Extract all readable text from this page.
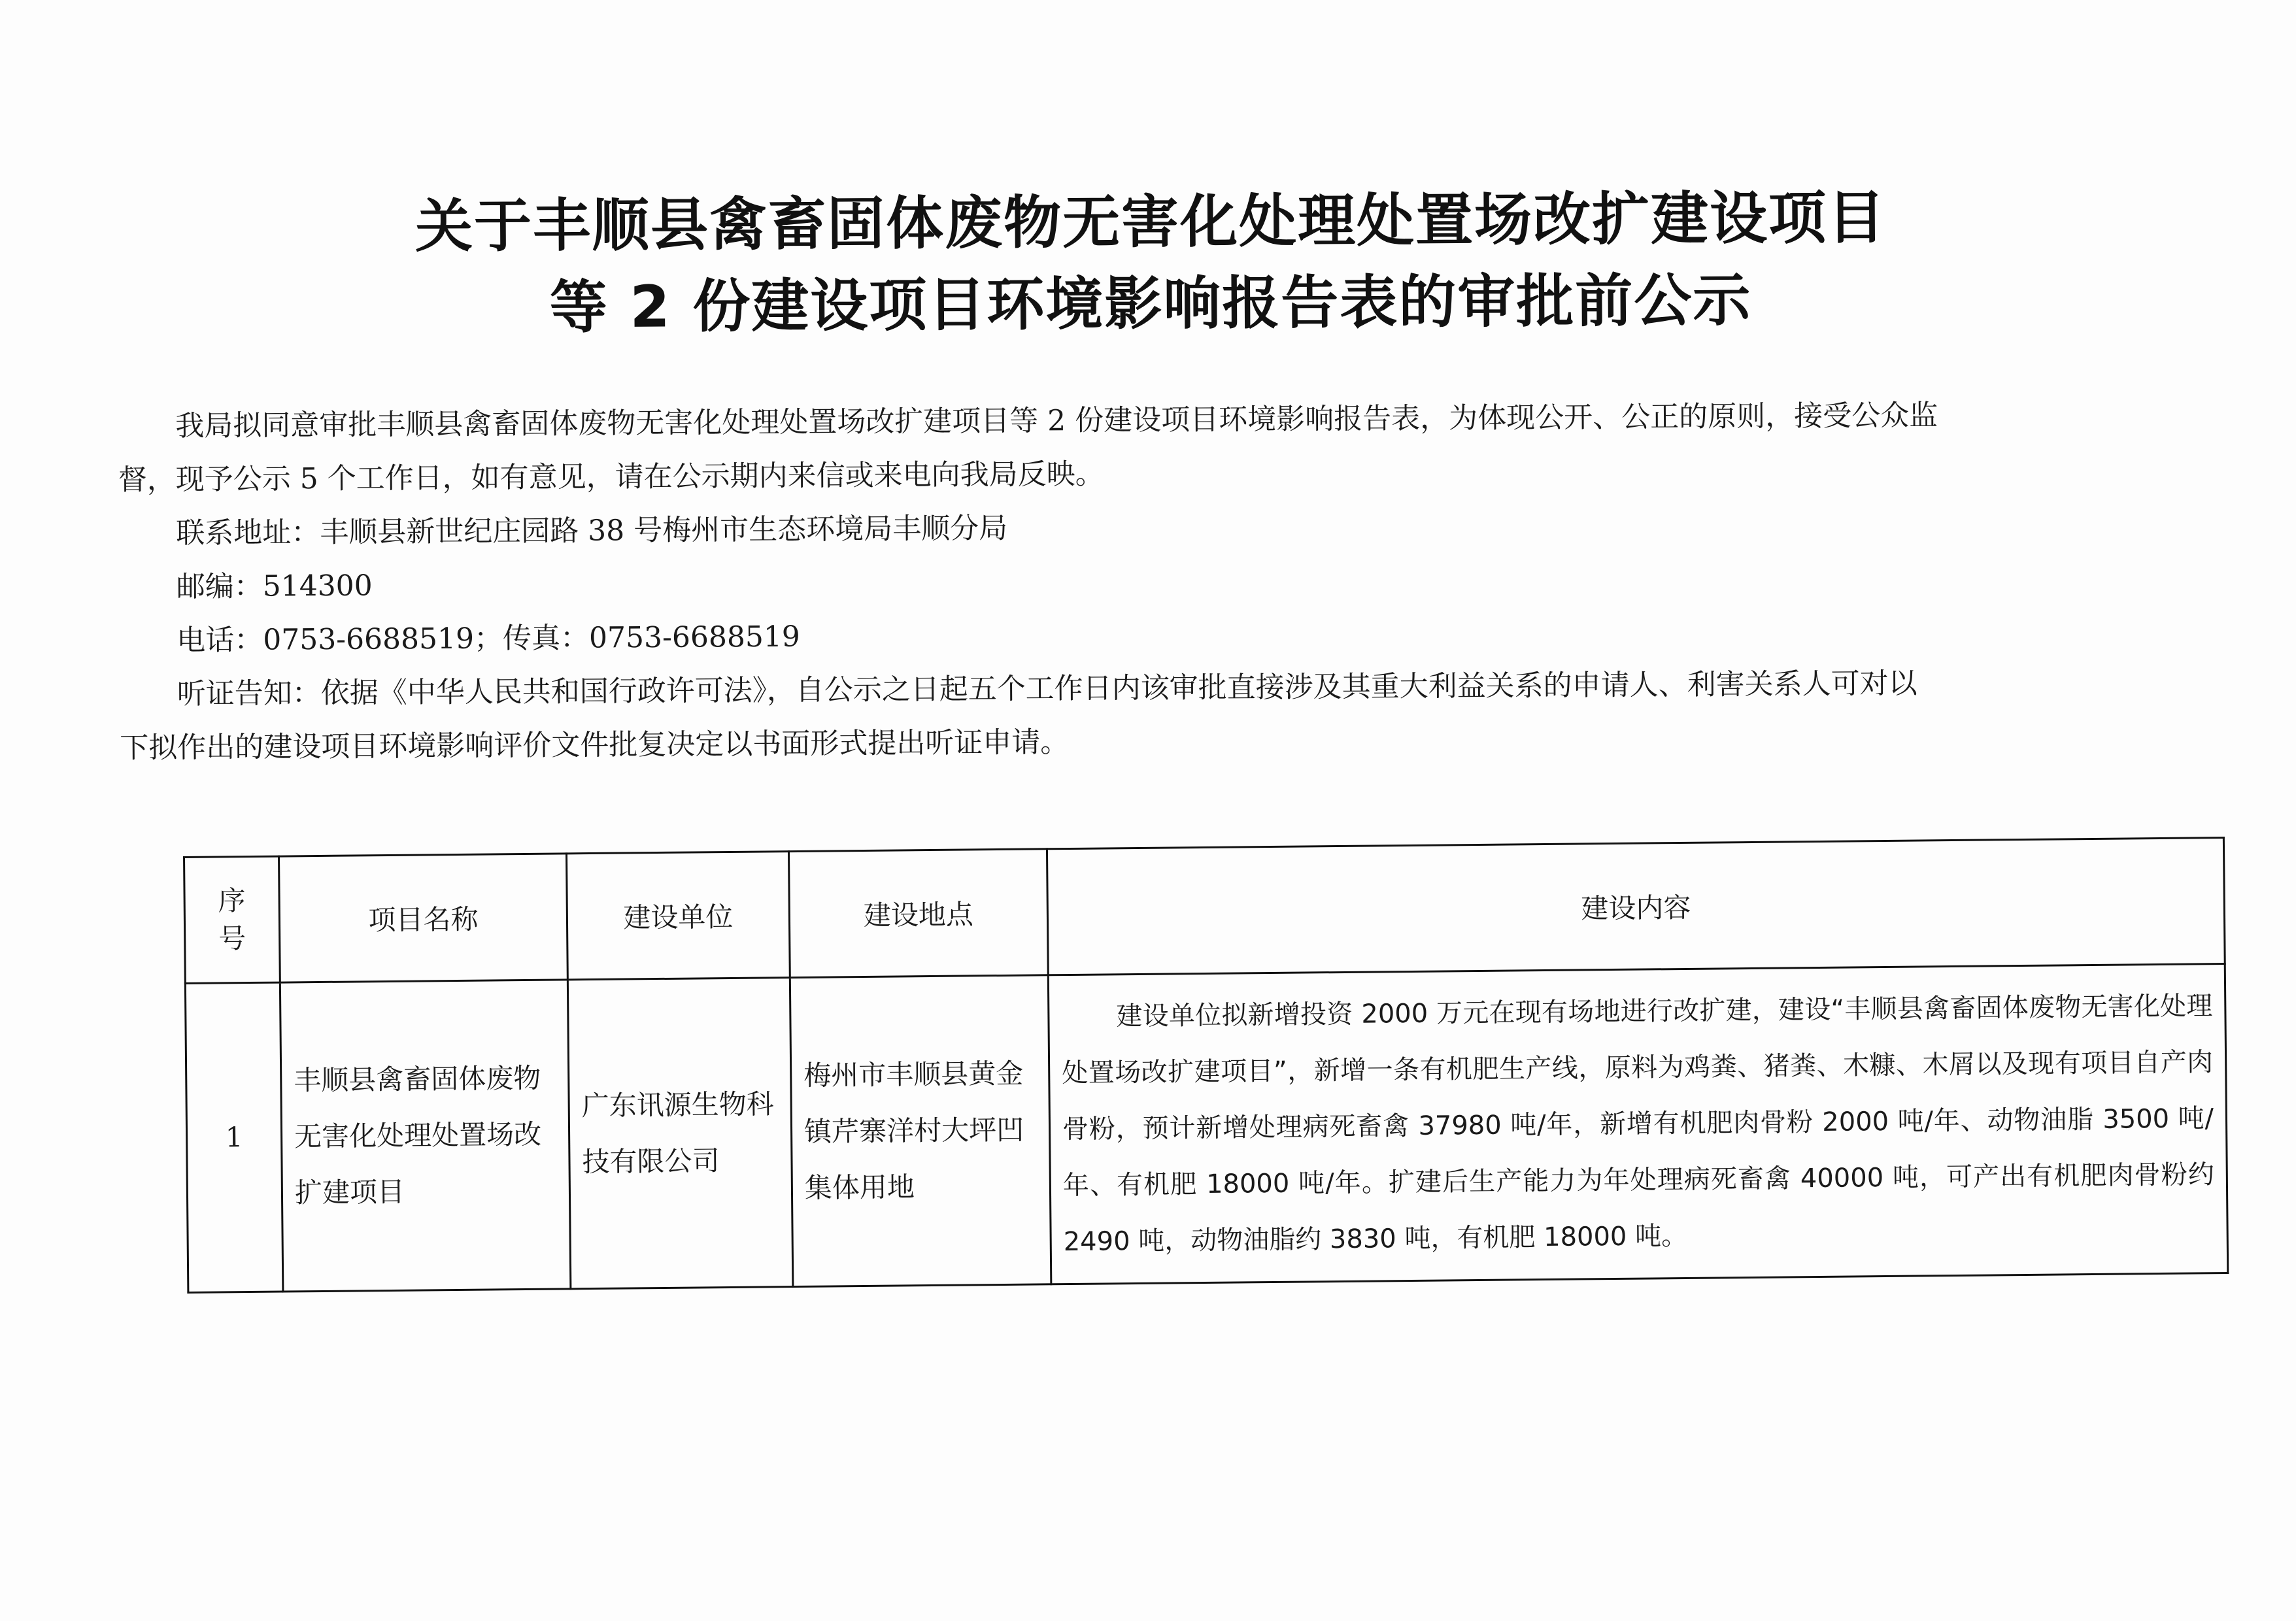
关于丰顺县禽畜固体废物无害化处理处置场改扩建设项目
等 2 份建设项目环境影响报告表的审批前公示

我局拟同意审批丰顺县禽畜固体废物无害化处理处置场改扩建项目等 2 份建设项目环境影响报告表，为体现公开、公正的原则，接受公众监

督，现予公示 5 个工作日，如有意见，请在公示期内来信或来电向我局反映。

联系地址：丰顺县新世纪庄园路 38 号梅州市生态环境局丰顺分局

邮编：514300

电话：0753-6688519；传真：0753-6688519

听证告知：依据《中华人民共和国行政许可法》，自公示之日起五个工作日内该审批直接涉及其重大利益关系的申请人、利害关系人可对以

下拟作出的建设项目环境影响评价文件批复决定以书面形式提出听证申请。

序
号	项目名称	建设单位	建设地点	建设内容
1	丰顺县禽畜固体废物无害化处理处置场改扩建项目	广东讯源生物科技有限公司	梅州市丰顺县黄金镇芹寨洋村大坪凹集体用地	建设单位拟新增投资 2000 万元在现有场地进行改扩建，建设“丰顺县禽畜固体废物无害化处理处置场改扩建项目”，新增一条有机肥生产线，原料为鸡粪、猪粪、木糠、木屑以及现有项目自产肉骨粉，预计新增处理病死畜禽 37980 吨/年，新增有机肥肉骨粉 2000 吨/年、动物油脂 3500 吨/年、有机肥 18000 吨/年。扩建后生产能力为年处理病死畜禽 40000 吨，可产出有机肥肉骨粉约 2490 吨，动物油脂约 3830 吨，有机肥 18000 吨。
